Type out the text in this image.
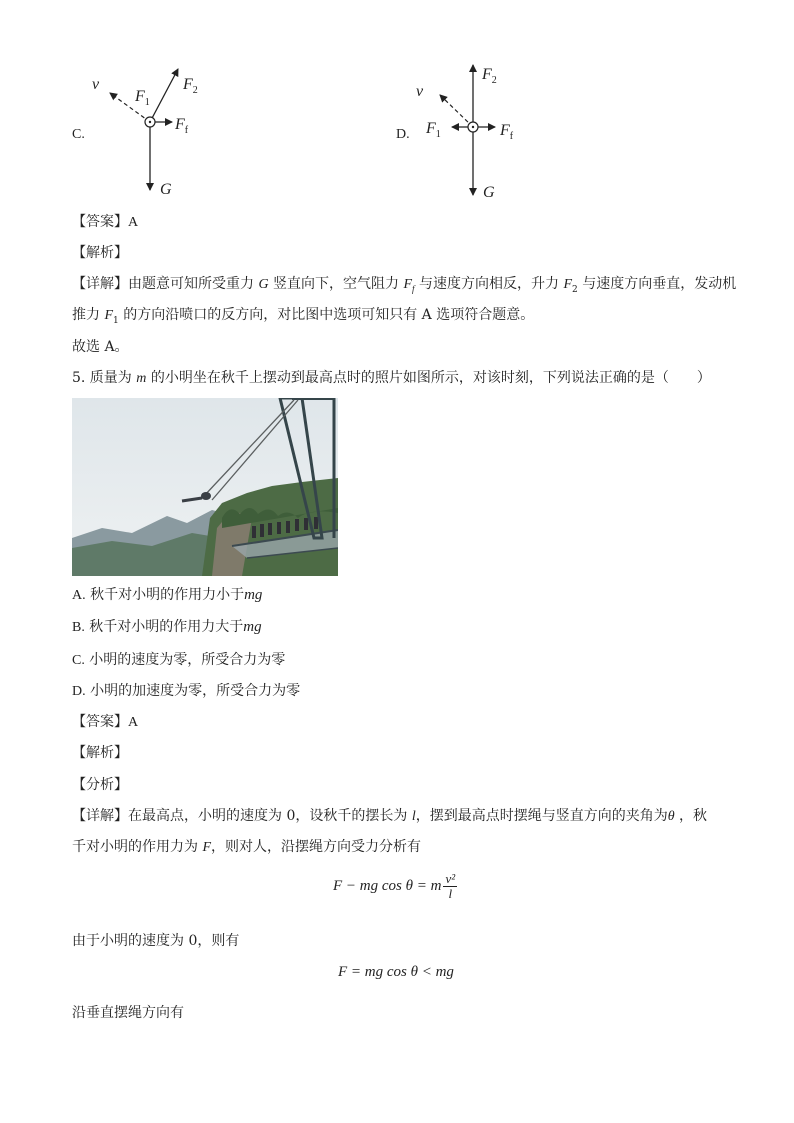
C.
v
$F_1$
$F_2$
$F_f$
G
D.
v
$F_2$
$F_1$	$F_f$
G
【答案】A
【解析】
【详解】由题意可知所受重力 G 竖直向下，空气阻力 $F_f$ 与速度方向相反，升力 $F_2$ 与速度方向垂直，发动机
推力 $F_1$ 的方向沿喷口的反方向，对比图中选项可知只有 A 选项符合题意。
故选 A。
5. 质量为 m 的小明坐在秋千上摆动到最高点时的照片如图所示，对该时刻，下列说法正确的是（　　）
A. 秋千对小明的作用力小于mg
B. 秋千对小明的作用力大于mg
C. 小明的速度为零，所受合力为零
D. 小明的加速度为零，所受合力为零
【答案】A
【解析】
【分析】
【详解】在最高点，小明的速度为 0，设秋千的摆长为 l，摆到最高点时摆绳与竖直方向的夹角为θ ，秋
千对小明的作用力为 F，则对人，沿摆绳方向受力分析有
F − mg cos θ = m v²
l
由于小明的速度为 0，则有
F = mg cos θ < mg
沿垂直摆绳方向有
